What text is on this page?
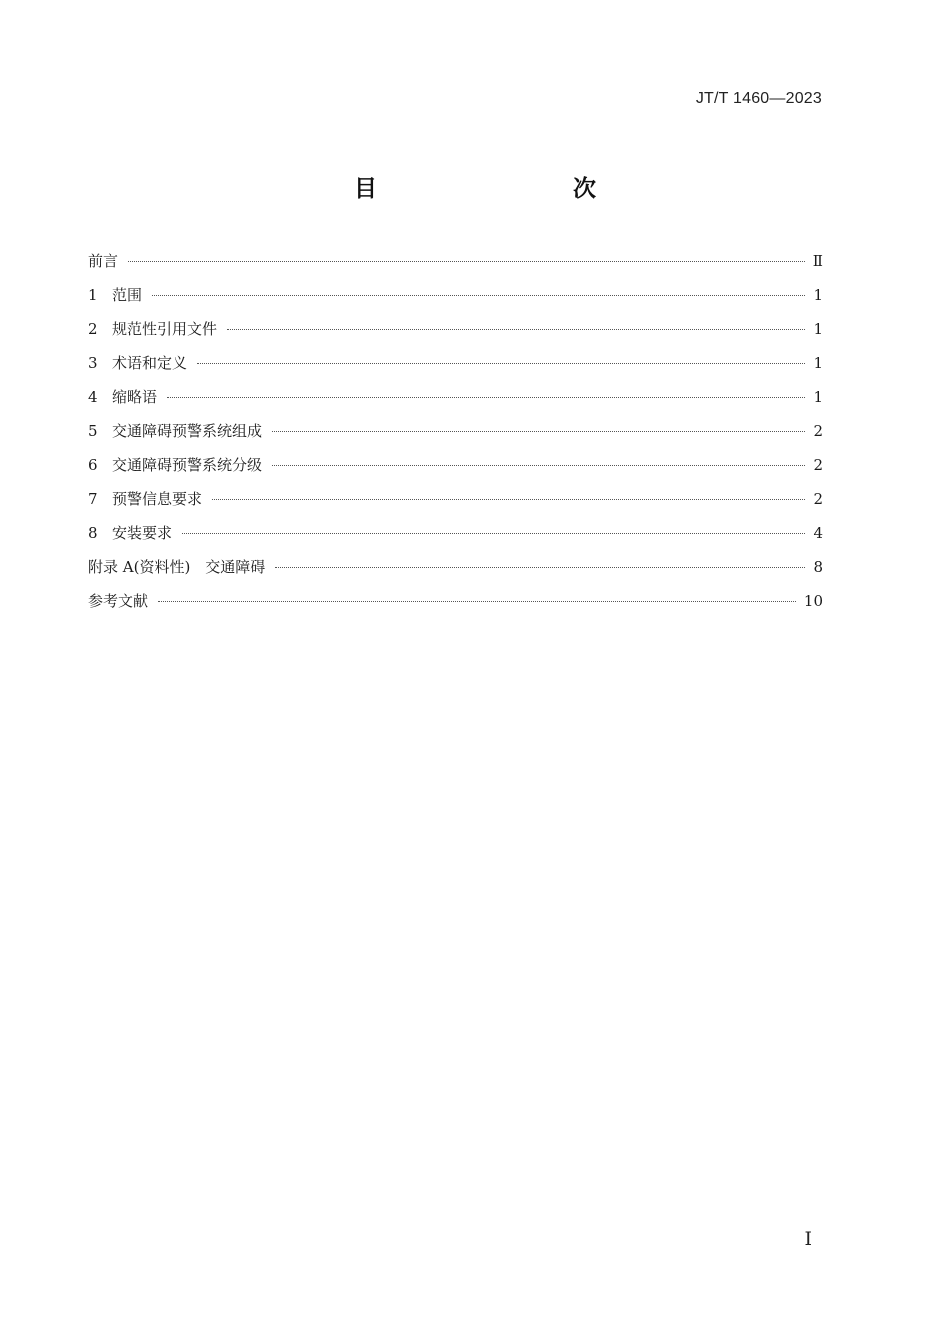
JT/T 1460—2023
目　　次
前言	Ⅱ
1 范围	1
2 规范性引用文件	1
3 术语和定义	1
4 缩略语	1
5 交通障碍预警系统组成	2
6 交通障碍预警系统分级	2
7 预警信息要求	2
8 安装要求	4
附录 A(资料性)　交通障碍	8
参考文献	10
Ⅰ
